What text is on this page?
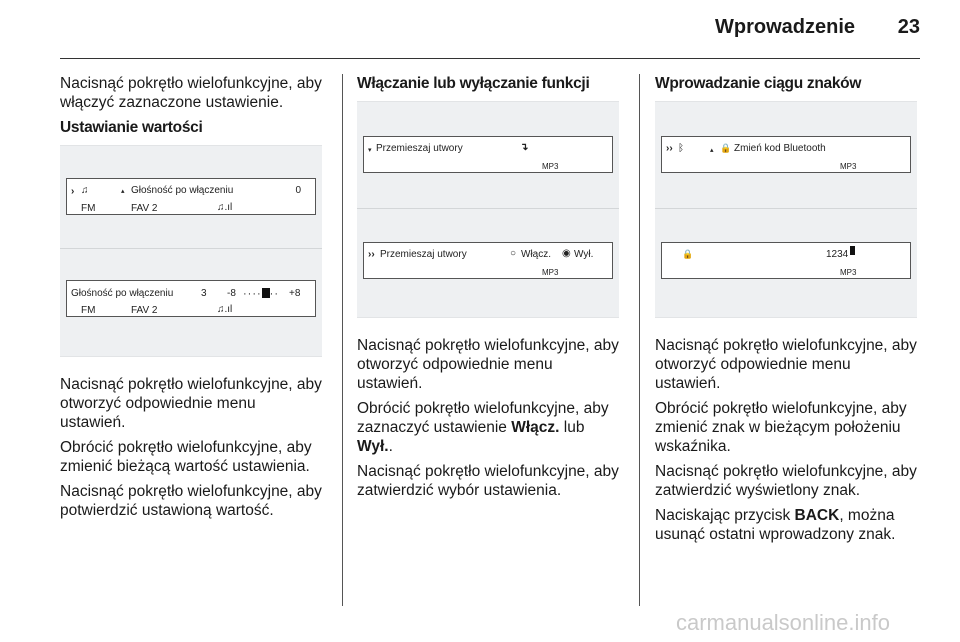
Wprowadzenie 23

Nacisnąć pokrętło wielofunkcyjne, aby włączyć zaznaczone ustawienie.

Ustawianie wartości
› ♫	▴ Głośność po włączeniu	0
FM	FAV 2	♫.ıl
Głośność po włączeniu	3 -8 ···· ·· +8
FM	FAV 2	♫.ıl

Nacisnąć pokrętło wielofunkcyjne, aby otworzyć odpowiednie menu ustawień.

Obrócić pokrętło wielofunkcyjne, aby zmienić bieżącą wartość ustawienia.

Nacisnąć pokrętło wielofunkcyjne, aby potwierdzić ustawioną wartość.

Włączanie lub wyłączanie funkcji
▾ Przemieszaj utwory	↴
MP3
›› Przemieszaj utwory	○ Włącz. ◉ Wył.
MP3

Nacisnąć pokrętło wielofunkcyjne, aby otworzyć odpowiednie menu ustawień.

Obrócić pokrętło wielofunkcyjne, aby zaznaczyć ustawienie Włącz. lub Wył..

Nacisnąć pokrętło wielofunkcyjne, aby zatwierdzić wybór ustawienia.

Wprowadzanie ciągu znaków
›› ᛒ	▴ 🔒 Zmień kod Bluetooth
MP3
🔒	1234
MP3

Nacisnąć pokrętło wielofunkcyjne, aby otworzyć odpowiednie menu ustawień.

Obrócić pokrętło wielofunkcyjne, aby zmienić znak w bieżącym położeniu wskaźnika.

Nacisnąć pokrętło wielofunkcyjne, aby zatwierdzić wyświetlony znak.

Naciskając przycisk BACK, można usunąć ostatni wprowadzony znak.

carmanualsonline.info
